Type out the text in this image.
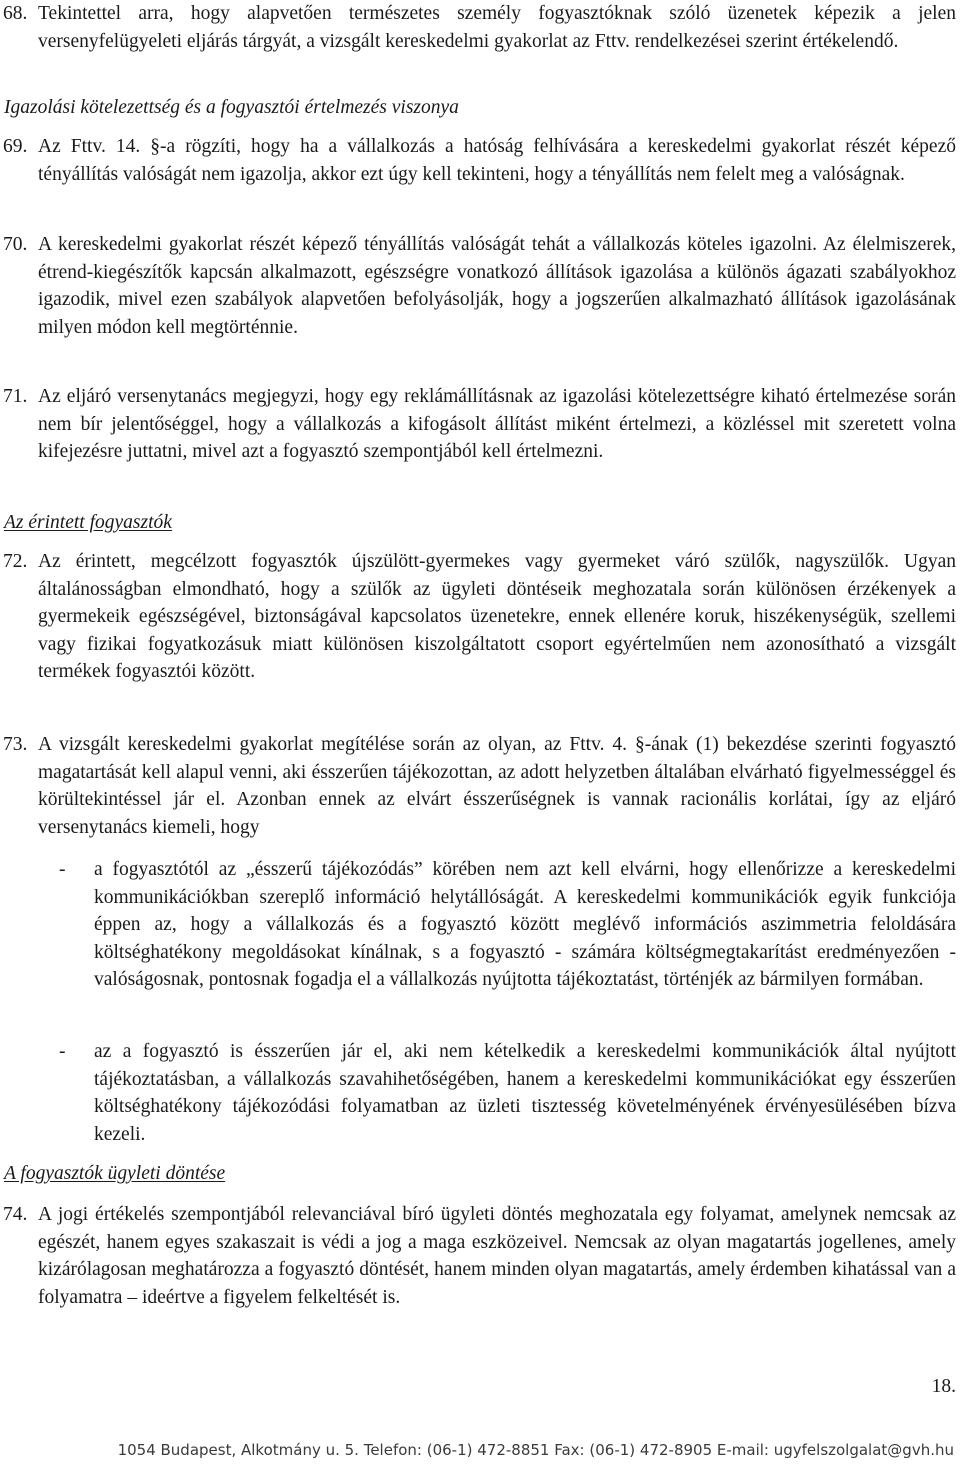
68. Tekintettel arra, hogy alapvetően természetes személy fogyasztóknak szóló üzenetek képezik a jelen versenyfelügyeleti eljárás tárgyát, a vizsgált kereskedelmi gyakorlat az Fttv. rendelkezései szerint értékelendő.
Igazolási kötelezettség és a fogyasztói értelmezés viszonya
69. Az Fttv. 14. §-a rögzíti, hogy ha a vállalkozás a hatóság felhívására a kereskedelmi gyakorlat részét képező tényállítás valóságát nem igazolja, akkor ezt úgy kell tekinteni, hogy a tényállítás nem felelt meg a valóságnak.
70. A kereskedelmi gyakorlat részét képező tényállítás valóságát tehát a vállalkozás köteles igazolni. Az élelmiszerek, étrend-kiegészítők kapcsán alkalmazott, egészségre vonatkozó állítások igazolása a különös ágazati szabályokhoz igazodik, mivel ezen szabályok alapvetően befolyásolják, hogy a jogszerűen alkalmazható állítások igazolásának milyen módon kell megtörténnie.
71. Az eljáró versenytanács megjegyzi, hogy egy reklámállításnak az igazolási kötelezettségre kiható értelmezése során nem bír jelentőséggel, hogy a vállalkozás a kifogásolt állítást miként értelmezi, a közléssel mit szeretett volna kifejezésre juttatni, mivel azt a fogyasztó szempontjából kell értelmezni.
Az érintett fogyasztók
72. Az érintett, megcélzott fogyasztók újszülött-gyermekes vagy gyermeket váró szülők, nagyszülők. Ugyan általánosságban elmondható, hogy a szülők az ügyleti döntéseik meghozatala során különösen érzékenyek a gyermekeik egészségével, biztonságával kapcsolatos üzenetekre, ennek ellenére koruk, hiszékenységük, szellemi vagy fizikai fogyatkozásuk miatt különösen kiszolgáltatott csoport egyértelműen nem azonosítható a vizsgált termékek fogyasztói között.
73. A vizsgált kereskedelmi gyakorlat megítélése során az olyan, az Fttv. 4. §-ának (1) bekezdése szerinti fogyasztó magatartását kell alapul venni, aki ésszerűen tájékozottan, az adott helyzetben általában elvárható figyelmességgel és körültekintéssel jár el. Azonban ennek az elvárt ésszerűségnek is vannak racionális korlátai, így az eljáró versenytanács kiemeli, hogy
- a fogyasztótól az „ésszerű tájékozódás” körében nem azt kell elvárni, hogy ellenőrizze a kereskedelmi kommunikációkban szereplő információ helytállóságát. A kereskedelmi kommunikációk egyik funkciója éppen az, hogy a vállalkozás és a fogyasztó között meglévő információs aszimmetria feloldására költséghatékony megoldásokat kínálnak, s a fogyasztó - számára költségmegtakarítást eredményezően - valóságosnak, pontosnak fogadja el a vállalkozás nyújtotta tájékoztatást, történjék az bármilyen formában.
- az a fogyasztó is ésszerűen jár el, aki nem kételkedik a kereskedelmi kommunikációk által nyújtott tájékoztatásban, a vállalkozás szavahihetőségében, hanem a kereskedelmi kommunikációkat egy ésszerűen költséghatékony tájékozódási folyamatban az üzleti tisztesség követelményének érvényesülésében bízva kezeli.
A fogyasztók ügyleti döntése
74. A jogi értékelés szempontjából relevanciával bíró ügyleti döntés meghozatala egy folyamat, amelynek nemcsak az egészét, hanem egyes szakaszait is védi a jog a maga eszközeivel. Nemcsak az olyan magatartás jogellenes, amely kizárólagosan meghatározza a fogyasztó döntését, hanem minden olyan magatartás, amely érdemben kihatással van a folyamatra – ideértve a figyelem felkeltését is.
18.
1054 Budapest, Alkotmány u. 5. Telefon: (06-1) 472-8851 Fax: (06-1) 472-8905 E-mail: ugyfelszolgalat@gvh.hu
